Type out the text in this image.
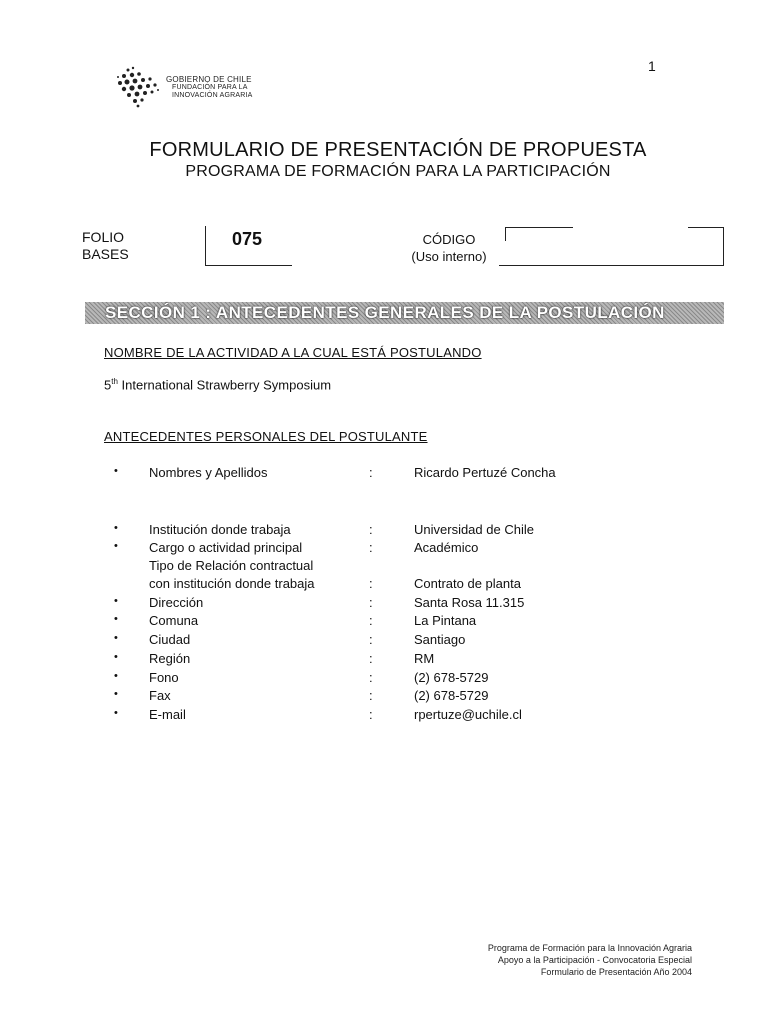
1
GOBIERNO DE CHILE
FUNDACIÓN PARA LA
INNOVACIÓN AGRARIA
FORMULARIO DE PRESENTACIÓN DE PROPUESTA
PROGRAMA DE FORMACIÓN PARA LA PARTICIPACIÓN
FOLIO
BASES
075	CÓDIGO
(Uso interno)
SECCIÓN 1 : ANTECEDENTES GENERALES DE LA POSTULACIÓN
NOMBRE DE LA ACTIVIDAD A LA CUAL ESTÁ POSTULANDO
5th International Strawberry Symposium
ANTECEDENTES PERSONALES DEL POSTULANTE
• Nombres y Apellidos	:	Ricardo Pertuzé Concha
• Institución donde trabaja	:	Universidad de Chile
• Cargo o actividad principal	:	Académico
Tipo de Relación contractual
con institución donde trabaja	:	Contrato de planta
• Dirección	:	Santa Rosa 11.315
• Comuna	:	La Pintana
• Ciudad	:	Santiago
• Región	:	RM
• Fono	:	(2) 678-5729
• Fax	:	(2) 678-5729
• E-mail	:	rpertuze@uchile.cl
Programa de Formación para la Innovación Agraria
Apoyo a la Participación - Convocatoria Especial
Formulario de Presentación Año 2004
